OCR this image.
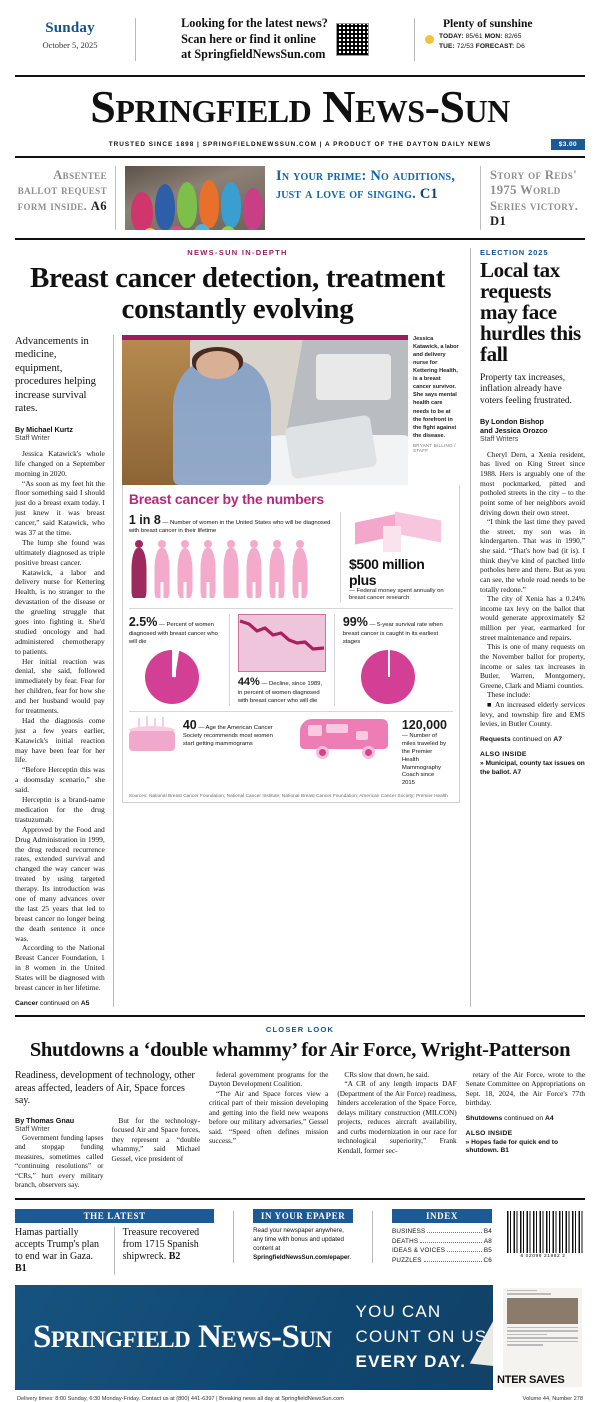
Sunday
October 5, 2025
Looking for the latest news?
Scan here or find it online
at SpringfieldNewsSun.com
Plenty of sunshine
TODAY: 85/61 MON: 82/65
TUE: 72/53 FORECAST: D6
Springfield News-Sun
TRUSTED SINCE 1898 | SPRINGFIELDNEWSSUN.COM | A PRODUCT OF THE DAYTON DAILY NEWS	$3.00
Absentee ballot request form inside. A6
In your prime: No auditions, just a love of singing. C1
Story of Reds' 1975 World Series victory. D1
NEWS-SUN IN-DEPTH
Breast cancer detection, treatment constantly evolving
Advancements in medicine, equipment, procedures helping increase survival rates.
By Michael Kurtz
Staff Writer

Jessica Katawick's whole life changed on a September morning in 2020.

“As soon as my feet hit the floor something said I should just do a breast exam today. I just knew it was breast cancer,” said Katawick, who was 37 at the time.

The lump she found was ultimately diagnosed as triple positive breast cancer.

Katawick, a labor and delivery nurse for Kettering Health, is no stranger to the devastation of the disease or the grueling struggle that goes into fighting it. She'd studied oncology and had administered chemotherapy to patients.

Her initial reaction was denial, she said, followed immediately by fear. Fear for her children, fear for how she and her husband would pay for treatments.

Had the diagnosis come just a few years earlier, Katawick's initial reaction may have been fear for her life.

“Before Herceptin this was a doomsday scenario,” she said.

Herceptin is a brand-name medication for the drug trastuzumab.

Approved by the Food and Drug Administration in 1999, the drug reduced recurrence rates, extended survival and changed the way cancer was treated by using targeted therapy. Its introduction was one of many advances over the last 25 years that led to breast cancer no longer being the death sentence it once was.

According to the National Breast Cancer Foundation, 1 in 8 women in the United States will be diagnosed with breast cancer in her lifetime.

Cancer continued on A5
Jessica Katawick, a labor and delivery nurse for Kettering Health, is a breast cancer survivor. She says mental health care needs to be at the forefront in the fight against the disease.
BRYANT BILLING / STAFF
Breast cancer by the numbers
1 in 8 — Number of women in the United States who will be diagnosed with breast cancer in their lifetime
$500 million plus
— Federal money spent annually on breast cancer research
2.5% — Percent of women diagnosed with breast cancer who will die
44% — Decline, since 1989, in percent of women diagnosed with breast cancer who will die
99% — 5-year survival rate when breast cancer is caught in its earliest stages
40 — Age the American Cancer Society recommends most women start getting mammograms
120,000 — Number of miles traveled by the Premier Health Mammography Coach since 2015
Sources: National Breast Cancer Foundation; National Cancer Institute; National Breast Cancer Foundation; American Cancer Society; Premier Health
ELECTION 2025
Local tax requests may face hurdles this fall
Property tax increases, inflation already have voters feeling frustrated.
By London Bishop
and Jessica Orozco
Staff Writers

Cheryl Dern, a Xenia resident, has lived on King Street since 1988. Hers is arguably one of the most pockmarked, pitted and potholed streets in the city – to the point some of her neighbors avoid driving down their own street.

“I think the last time they paved the street, my son was in kindergarten. That was in 1990,” she said. “That's how bad (it is). I think they've kind of patched little potholes here and there. But as you can see, the whole road needs to be totally redone.”

The city of Xenia has a 0.24% income tax levy on the ballot that would generate approximately $2 million per year, earmarked for street maintenance and repairs.

This is one of many requests on the November ballot for property, income or sales tax increases in Butler, Warren, Montgomery, Greene, Clark and Miami counties.

These include:

■ An increased elderly services levy, and township fire and EMS levies, in Butler County.

Requests continued on A7
ALSO INSIDE
» Municipal, county tax issues on the ballot. A7
CLOSER LOOK
Shutdowns a ‘double whammy’ for Air Force, Wright-Patterson
Readiness, development of technology, other areas affected, leaders of Air, Space forces say.
By Thomas Gnau
Staff Writer

Government funding lapses and stopgap funding measures, sometimes called “continuing resolutions” or “CRs,” hurt every military branch, observers say.

But for the technology-focused Air and Space forces, they represent a “double whammy,” said Michael Gessel, vice president of

federal government programs for the Dayton Development Coalition.

“The Air and Space forces view a critical part of their mission developing and getting into the field new weapons before our military adversaries,” Gessel said. “Speed often defines mission success.”

CRs slow that down, he said.

“A CR of any length impacts DAF (Department of the Air Force) readiness, hinders acceleration of the Space Force, delays military construction (MILCON) projects, reduces aircraft availability, and curbs modernization in our race for technological superiority,” Frank Kendall, former sec-

retary of the Air Force, wrote to the Senate Committee on Appropriations on Sept. 18, 2024, the Air Force's 77th birthday.

Shutdowns continued on A4
ALSO INSIDE
» Hopes fade for quick end to shutdown. B1
THE LATEST
Hamas partially accepts Trump's plan to end war in Gaza. B1
Treasure recovered from 1715 Spanish shipwreck. B2
IN YOUR EPAPER
Read your newspaper anywhere, any time with bonus and updated content at SpringfieldNewsSun.com/epaper.
INDEX
BUSINESS	B4
DEATHS	A8
IDEAS & VOICES	B5
PUZZLES	C6
6 02099 21982 2
Springfield News-Sun
YOU CAN
COUNT ON US.
EVERY DAY.
NTER SAVES
Delivery times: 8:00 Sunday, 6:30 Monday-Friday. Contact us at (800) 441-6397 | Breaking news all day at SpringfieldNewsSun.com	Volume 44, Number 278
